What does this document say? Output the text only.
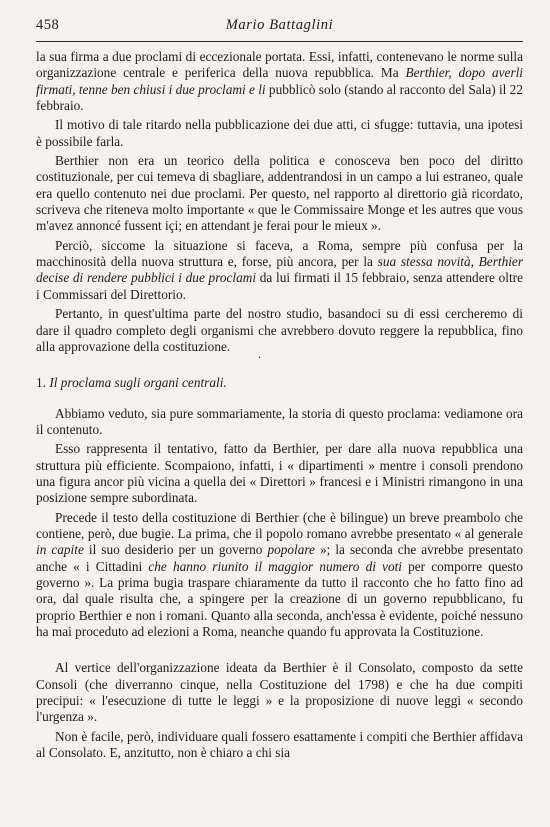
458	Mario Battaglini

la sua firma a due proclami di eccezionale portata. Essi, infatti, contenevano le norme sulla organizzazione centrale e periferica della nuova repubblica. Ma Berthier, dopo averli firmati, tenne ben chiusi i due proclami e li pubblicò solo (stando al racconto del Sala) il 22 febbraio.

Il motivo di tale ritardo nella pubblicazione dei due atti, ci sfugge: tuttavia, una ipotesi è possibile farla.

Berthier non era un teorico della politica e conosceva ben poco del diritto costituzionale, per cui temeva di sbagliare, addentrandosi in un campo a lui estraneo, quale era quello contenuto nei due proclami. Per questo, nel rapporto al direttorio già ricordato, scriveva che riteneva molto importante « que le Commissaire Monge et les autres que vous m'avez annoncé fussent içi; en attendant je ferai pour le mieux ».

Perciò, siccome la situazione si faceva, a Roma, sempre più confusa per la macchinosità della nuova struttura e, forse, più ancora, per la sua stessa novità, Berthier decise di rendere pubblici i due proclami da lui firmati il 15 febbraio, senza attendere oltre i Commissari del Direttorio.

Pertanto, in quest'ultima parte del nostro studio, basandoci su di essi cercheremo di dare il quadro completo degli organismi che avrebbero dovuto reggere la repubblica, fino alla approvazione della costituzione.

·
1. Il proclama sugli organi centrali.

Abbiamo veduto, sia pure sommariamente, la storia di questo proclama: vediamone ora il contenuto.

Esso rappresenta il tentativo, fatto da Berthier, per dare alla nuova repubblica una struttura più efficiente. Scompaiono, infatti, i « dipartimenti » mentre i consoli prendono una figura ancor più vicina a quella dei « Direttori » francesi e i Ministri rimangono in una posizione sempre subordinata.

Precede il testo della costituzione di Berthier (che è bilingue) un breve preambolo che contiene, però, due bugie. La prima, che il popolo romano avrebbe presentato « al generale in capite il suo desiderio per un governo popolare »; la seconda che avrebbe presentato anche « i Cittadini che hanno riunito il maggior numero di voti per comporre questo governo ». La prima bugia traspare chiaramente da tutto il racconto che ho fatto fino ad ora, dal quale risulta che, a spingere per la creazione di un governo repubblicano, fu proprio Berthier e non i romani. Quanto alla seconda, anch'essa è evidente, poiché nessuno ha mai proceduto ad elezioni a Roma, neanche quando fu approvata la Costituzione.

Al vertice dell'organizzazione ideata da Berthier è il Consolato, composto da sette Consoli (che diverranno cinque, nella Costituzione del 1798) e che ha due compiti precipui: « l'esecuzione di tutte le leggi » e la proposizione di nuove leggi « secondo l'urgenza ».

Non è facile, però, individuare quali fossero esattamente i compiti che Berthier affidava al Consolato. E, anzitutto, non è chiaro a chi sia
